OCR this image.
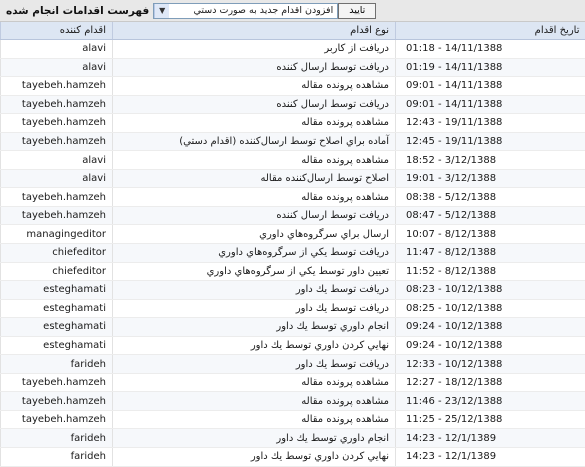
فهرست اقدامات انجام شده	افزودن اقدام جديد به صورت دستي
▼	تاييد
تاريخ اقدام	نوع اقدام	اقدام كننده
01:18 - 14/11/1388	دريافت از كاربر	alavi
01:19 - 14/11/1388	دريافت توسط ارسال كننده	alavi
09:01 - 14/11/1388	مشاهده پرونده مقاله	tayebeh.hamzeh
09:01 - 14/11/1388	دريافت توسط ارسال كننده	tayebeh.hamzeh
12:43 - 19/11/1388	مشاهده پرونده مقاله	tayebeh.hamzeh
12:45 - 19/11/1388	آماده براي اصلاح توسط ارسال‌كننده (اقدام دستي)	tayebeh.hamzeh
18:52 - 3/12/1388	مشاهده پرونده مقاله	alavi
19:01 - 3/12/1388	اصلاح توسط ارسال‌كننده مقاله	alavi
08:38 - 5/12/1388	مشاهده پرونده مقاله	tayebeh.hamzeh
08:47 - 5/12/1388	دريافت توسط ارسال كننده	tayebeh.hamzeh
10:07 - 8/12/1388	ارسال براي سرگروه‌هاي داوري	managingeditor
11:47 - 8/12/1388	دريافت توسط يكي از سرگروه‌هاي داوري	chiefeditor
11:52 - 8/12/1388	تعيين داور توسط يكي از سرگروه‌هاي داوري	chiefeditor
08:23 - 10/12/1388	دريافت توسط يك داور	esteghamati
08:25 - 10/12/1388	دريافت توسط يك داور	esteghamati
09:24 - 10/12/1388	انجام داوري توسط يك داور	esteghamati
09:24 - 10/12/1388	نهايي كردن داوري توسط يك داور	esteghamati
12:33 - 10/12/1388	دريافت توسط يك داور	farideh
12:27 - 18/12/1388	مشاهده پرونده مقاله	tayebeh.hamzeh
11:46 - 23/12/1388	مشاهده پرونده مقاله	tayebeh.hamzeh
11:25 - 25/12/1388	مشاهده پرونده مقاله	tayebeh.hamzeh
14:23 - 12/1/1389	انجام داوري توسط يك داور	farideh
14:23 - 12/1/1389	نهايي كردن داوري توسط يك داور	farideh
